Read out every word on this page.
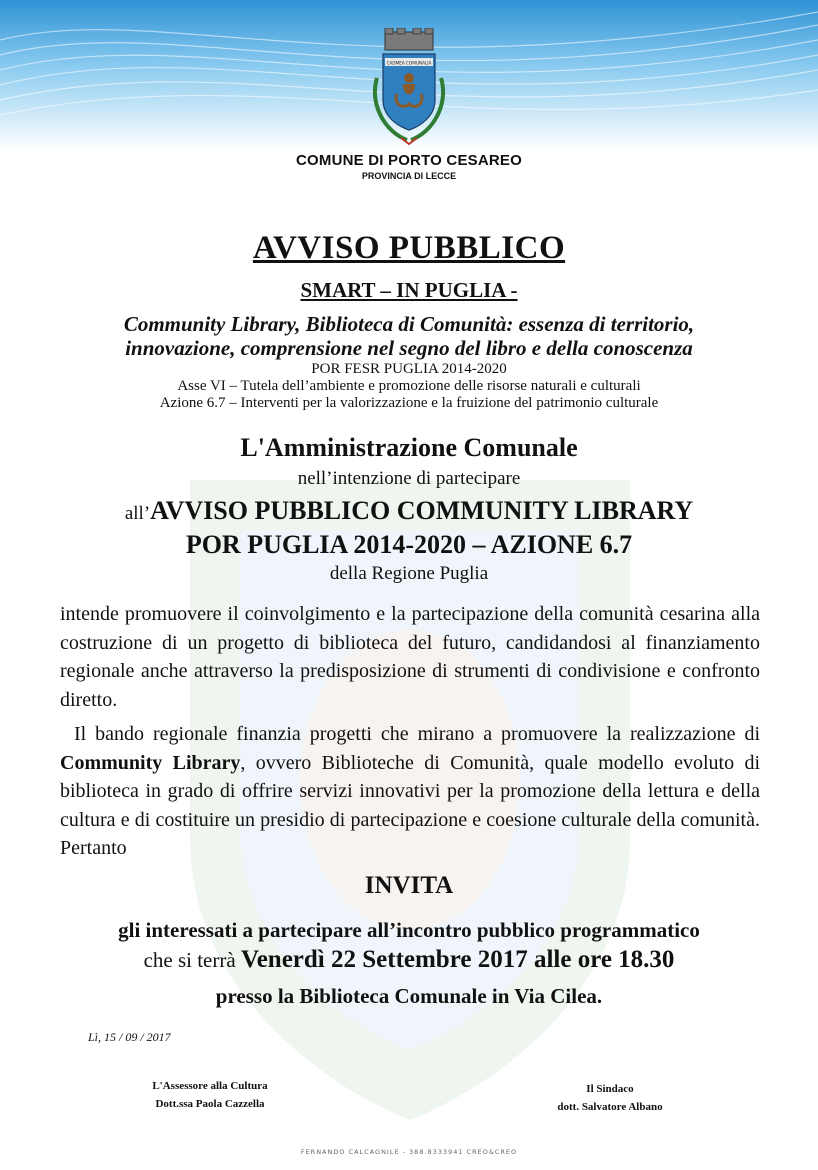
CADMEA COMUNALIA
COMUNE DI PORTO CESAREO
PROVINCIA DI LECCE
AVVISO PUBBLICO
SMART – IN PUGLIA -
Community Library, Biblioteca di Comunità: essenza di territorio,
innovazione, comprensione nel segno del libro e della conoscenza
POR FESR PUGLIA 2014-2020
Asse VI – Tutela dell’ambiente e promozione delle risorse naturali e culturali
Azione 6.7 – Interventi per la valorizzazione e la fruizione del patrimonio culturale
L'Amministrazione Comunale
nell’intenzione di partecipare
all’AVVISO PUBBLICO COMMUNITY LIBRARY
POR PUGLIA 2014-2020 – AZIONE 6.7
della Regione Puglia
intende promuovere il coinvolgimento e la partecipazione della comunità cesarina alla costruzione di un progetto di biblioteca del futuro, candidandosi al finanziamento regionale anche attraverso la predisposizione di strumenti di condivisione e confronto diretto.
Il bando regionale finanzia progetti che mirano a promuovere la realizzazione di Community Library, ovvero Biblioteche di Comunità, quale modello evoluto di biblioteca in grado di offrire servizi innovativi per la promozione della lettura e della cultura e di costituire un presidio di partecipazione e coesione culturale della comunità. Pertanto
INVITA
gli interessati a partecipare all’incontro pubblico programmatico
che si terrà Venerdì 22 Settembre 2017 alle ore 18.30
presso la Biblioteca Comunale in Via Cilea.
Lì, 15 / 09 / 2017
L'Assessore alla Cultura
Dott.ssa Paola Cazzella
Il Sindaco
dott. Salvatore Albano
FERNANDO CALCAGNILE - 388.8333941 CREO&CREO
